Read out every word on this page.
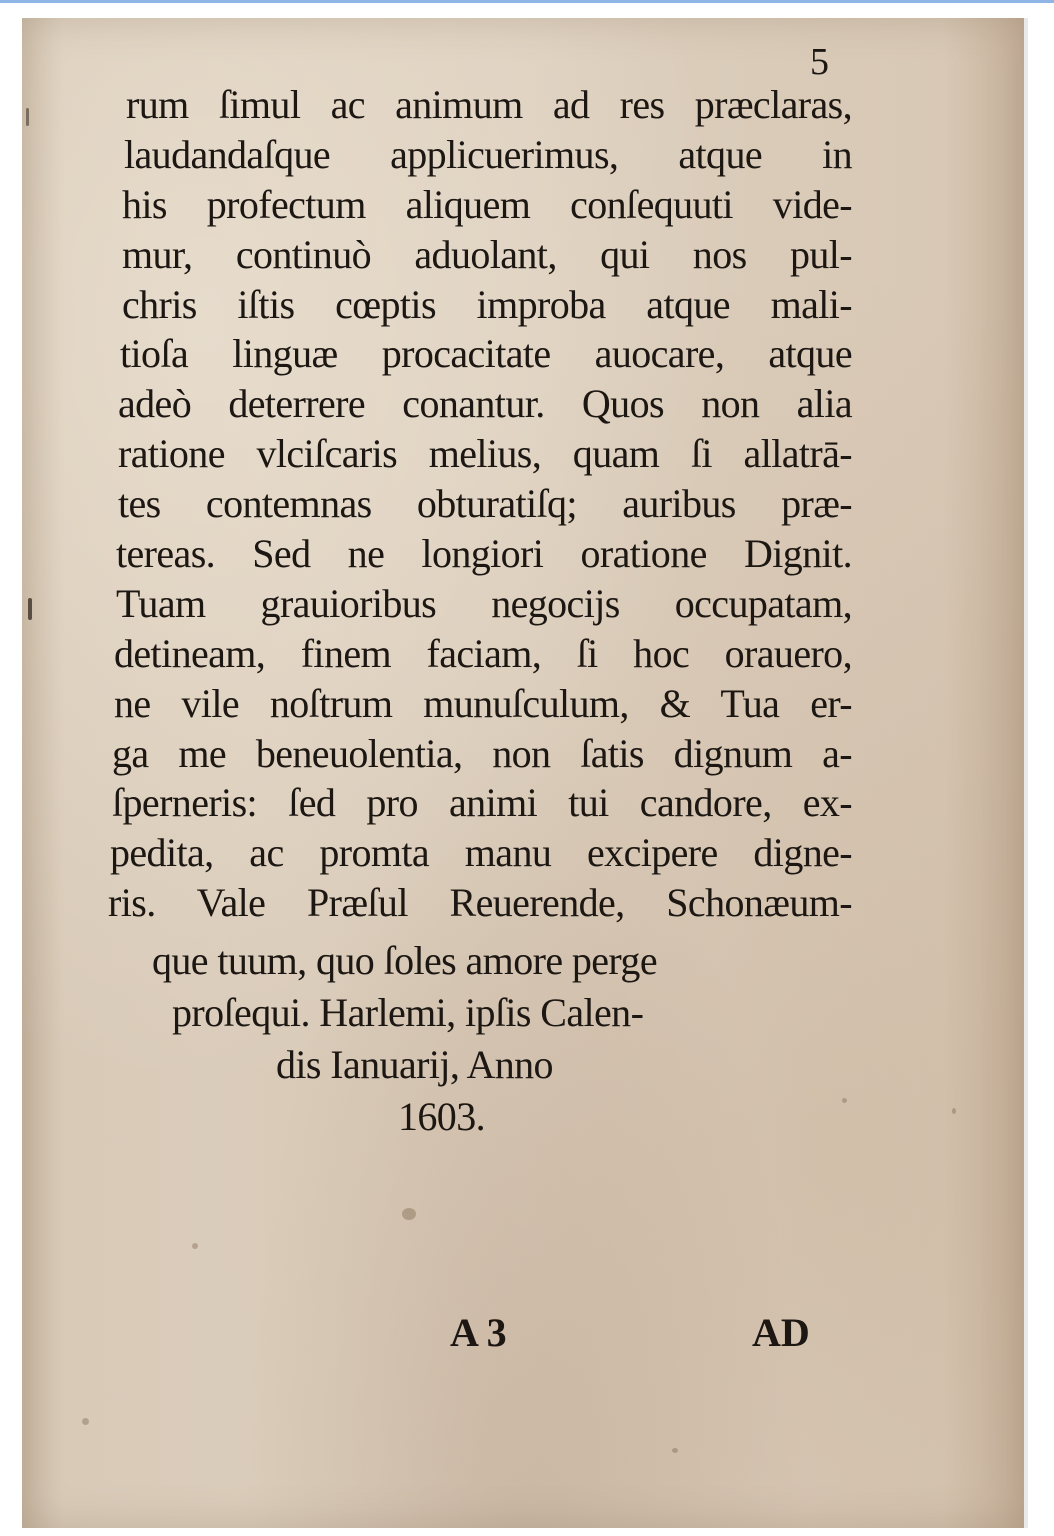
5
rum ſimul ac animum ad res præclaras,
laudandaſque applicuerimus, atque in
his profectum aliquem conſequuti vide-
mur, continuò aduolant, qui nos pul-
chris iſtis cœptis improba atque mali-
tioſa linguæ procacitate auocare, atque
adeò deterrere conantur. Quos non alia
ratione vlciſcaris melius, quam ſi allatrā-
tes contemnas obturatiſq; auribus præ-
tereas. Sed ne longiori oratione Dignit.
Tuam grauioribus negocijs occupatam,
detineam, finem faciam, ſi hoc orauero,
ne vile noſtrum munuſculum, & Tua er-
ga me beneuolentia, non ſatis dignum a-
ſperneris: ſed pro animi tui candore, ex-
pedita, ac promta manu excipere digne-
ris. Vale Præſul Reuerende, Schonæum-
que tuum, quo ſoles amore perge
proſequi. Harlemi, ipſis Calen-
dis Ianuarij, Anno
1603.
A 3	AD
